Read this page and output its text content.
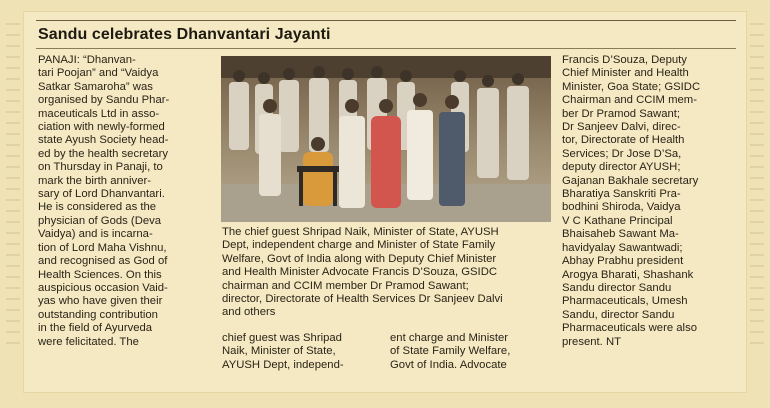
Sandu celebrates Dhanvantari Jayanti
PANAJI: “Dhanvan-
tari Poojan” and “Vaidya
Satkar Samaroha” was
organised by Sandu Phar-
maceuticals Ltd in asso-
ciation with newly-formed
state Ayush Society head-
ed by the health secretary
on Thursday in Panaji, to
mark the birth anniver-
sary of Lord Dhanvantari.
He is considered as the
physician of Gods (Deva
Vaidya) and is incarna-
tion of Lord Maha Vishnu,
and recognised as God of
Health Sciences. On this
auspicious occasion Vaid-
yas who have given their
outstanding contribution
in the field of Ayurveda
were felicitated. The
The chief guest Shripad Naik, Minister of State, AYUSH
Dept, independent charge and Minister of State Family
Welfare, Govt of India along with Deputy Chief Minister
and Health Minister Advocate Francis D’Souza, GSIDC
chairman and CCIM member Dr Pramod Sawant;
director, Directorate of Health Services Dr Sanjeev Dalvi
and others
chief guest was Shripad
Naik, Minister of State,
AYUSH Dept, independ-
ent charge and Minister
of State Family Welfare,
Govt of India. Advocate
Francis D’Souza, Deputy
Chief Minister and Health
Minister, Goa State; GSIDC
Chairman and CCIM mem-
ber Dr Pramod Sawant;
Dr Sanjeev Dalvi, direc-
tor, Directorate of Health
Services; Dr Jose D’Sa,
deputy director AYUSH;
Gajanan Bakhale secretary
Bharatiya Sanskriti Pra-
bodhini Shiroda, Vaidya
V C Kathane Principal
Bhaisaheb Sawant Ma-
havidyalay Sawantwadi;
Abhay Prabhu president
Arogya Bharati, Shashank
Sandu director Sandu
Pharmaceuticals, Umesh
Sandu, director Sandu
Pharmaceuticals were also
present. NT
